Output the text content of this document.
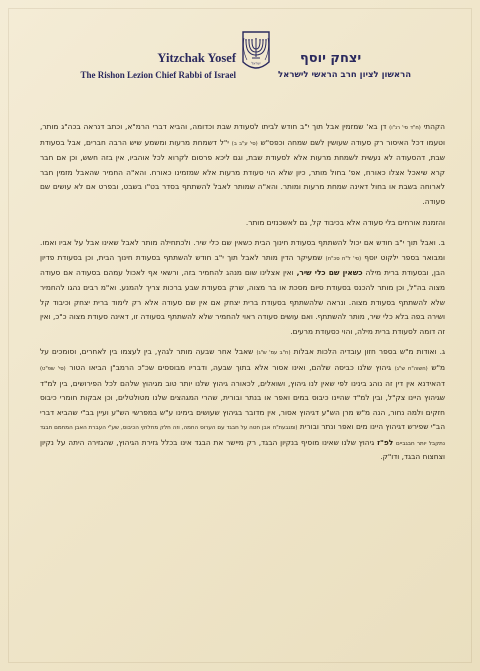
Yitzchak Yosef
The Rishon Lezion Chief Rabbi of Israel
ישראל	יצחק יוסף
הראשון לציון חרב הראשי לישראל

הקהתי (ח"ד סי' רנ"ו) דן בא' שמזמין אבל תוך י"ב חודש לביתו לסעודת שבת וכדומה, והביא דברי הרמ"א, וכתב דנראה בכה"ג מותר, וטעמו דכל האיסור רק סעודה שעושין לשם שמחה וכפס"ש (סי' ע"ב ב) י"ל דשמחת מרעות ומשמע שיש הרבה חברים, אבל בסעודת שבת, דהסעודה לא נעשית לשמחת מרעות אלא לסעודת שבת, וגם ליכא פרסום לקרוא לכל אוהביו, אין בזה חשש, וכן אם חבר קרא שיאכל אצלו כאורח, אפ' בחול מותר, כיון שלא הוי סעודת מרעות אלא שמזמינו כאורח. והא"ה החמיר שהאבל מזמין חבר לארוחה בשבת או בחול דאינה שמחת מרעות ומותר. והא"ה שמותר לאבל להשתתף בסדר בט"ו בשבט, ובפרט אם לא עושים שם סעודה.

והזמנת אורחים בלי סעודה אלא בכיבוד קל, גם לאשכנזים מותר.

ב. ואבל תוך י"ב חודש אם יכול להשתתף בסעודת חינוך הבית כשאין שם כלי שיר. ולכתחילה מותר לאבל שאינו אבל על אביו ואמו. ומבואר בספר ילקוט יוסף (סי' ל"ח סכ"ח) שמעיקר הדין מותר לאבל תוך י"ב חודש להשתתף בסעודת חינוך הבית, וכן בסעודת פדיון הבן, ובסעודת ברית מילה כשאין שם כלי שיר, ואין אצלינו שום מנהג להחמיר בזה, ורשאי אף לאכול עמהם בסעודה אם סעודה מצוה בה"ל, וכן מותר להכנס בסעודת סיום מסכת או בר מצוה, שרק בסעודת שבע ברכות צריך להמנע. וא"מ רבים נהגו להחמיר שלא להשתתף בסעודת מצוה. ונראה שלהשתתף בסעודת ברית יצחק אם אין שם סעודה אלא רק לימוד ברית יצחק וכיבוד קל ושירה בפה בלא כלי שיר, מותר להשתתף. ואם עושים סעודה ראוי להחמיר שלא להשתתף בסעודה זו, דאינה סעודת מצוה כ"כ, ואין זה דומה לסעודת ברית מילה, והוי כסעודת מרעים.

ג. ואודות מ"ש בספר חזון עובדיה הלכות אבלות (ח"ב עמ' ש"ג) שאבל אחר שבעה מותר לגהץ, בין לעצמו בין לאחרים, וסומכים על מ"ש (חשוה"ח ש"ג) גיהוץ שלנו כביסה שלהם, ואינו אסור אלא בתוך שבעה, ודבריו מבוססים שכ"כ הרמב"ן הביאו הטור (סי' שפ"ט) דהאידנא אין דין זה נוהג בינינו לפי שאין לנו גיהוץ, ושואלים, לכאורה גיהוץ שלנו יותר טוב מגיהוץ שלהם לכל הפירושים, בין למ"ד שגיהוץ היינו צק"ל, ובין למ"ד שהיינו כיבוס במים ואפר או בנתר ובורית, שהרי המגהצים שלנו מטולטלים, וכן אבקות חומרי כיבוס חזקים ולמה נחור, הנה מ"ש מרן הש"ע דגיהוץ אסור, אין מדובר בגיהוץ שעושים בימינו ע"ש במפרשי הש"ע ועיין בב"י שהביא דברי הב"י שפירש דגיהוץ היינו מים ואפר ונתר ובורית (ומגבעת"ח אבן חטה על חבגד עם הערוס החמה, וזה חלק מחלוקי הכיבוס, שע"י העברת האבן המחמם חבגד נתקבל יותר חבגביים לפ"ז גיהוץ שלנו שאינו מוסיף בנקיון הבגד, רק מיישר את הבגד אינו בכלל גזירת הגיהוץ, שהגזירה היתה על נקיון וצחצוח הבגד, ודו"ק.
